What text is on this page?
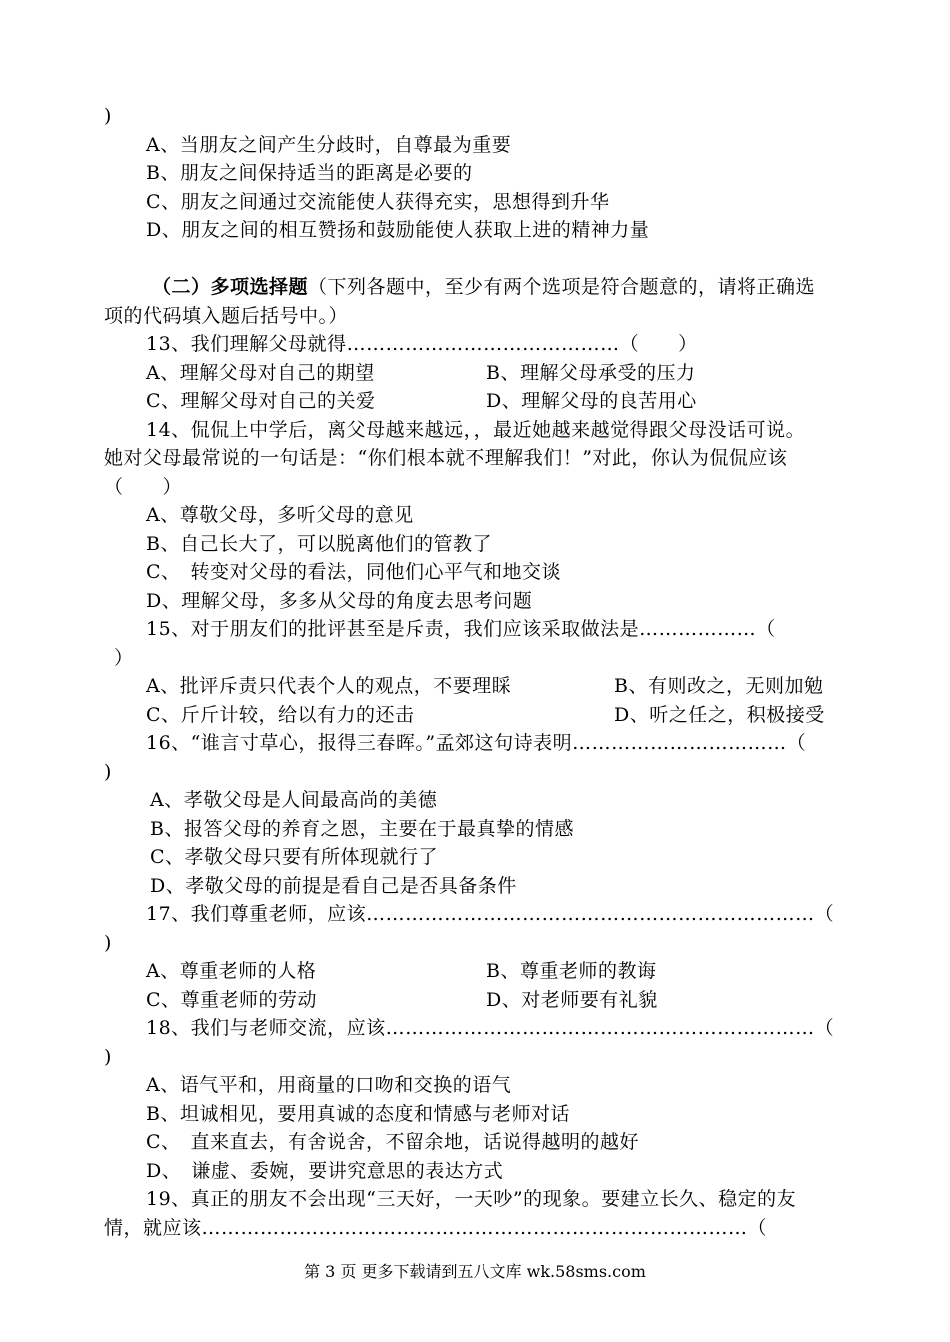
)
A、当朋友之间产生分歧时，自尊最为重要
B、朋友之间保持适当的距离是必要的
C、朋友之间通过交流能使人获得充实，思想得到升华
D、朋友之间的相互赞扬和鼓励能使人获取上进的精神力量
（二）多项选择题（下列各题中，至少有两个选项是符合题意的，请将正确选
项的代码填入题后括号中。）
13、我们理解父母就得……………………………………（　　）
A、理解父母对自己的期望	B、理解父母承受的压力
C、理解父母对自己的关爱	D、理解父母的良苦用心
14、侃侃上中学后，离父母越来越远，，最近她越来越觉得跟父母没话可说。
她对父母最常说的一句话是：“你们根本就不理解我们！”对此，你认为侃侃应该
（　　）
A、尊敬父母，多听父母的意见
B、自己长大了，可以脱离他们的管教了
C、　转变对父母的看法，同他们心平气和地交谈
D、理解父母，多多从父母的角度去思考问题
15、对于朋友们的批评甚至是斥责，我们应该采取做法是………………（
）
A、批评斥责只代表个人的观点，不要理睬	B、有则改之，无则加勉
C、斤斤计较，给以有力的还击	D、听之任之，积极接受
16、“谁言寸草心，报得三春晖。”孟郊这句诗表明……………………………（
)
A、孝敬父母是人间最高尚的美德
B、报答父母的养育之恩，主要在于最真挚的情感
C、孝敬父母只要有所体现就行了
D、孝敬父母的前提是看自己是否具备条件
17、我们尊重老师，应该……………………………………………………………（
)
A、尊重老师的人格	B、尊重老师的教诲
C、尊重老师的劳动	D、对老师要有礼貌
18、我们与老师交流，应该…………………………………………………………（
)
A、语气平和，用商量的口吻和交换的语气
B、坦诚相见，要用真诚的态度和情感与老师对话
C、　直来直去，有舍说舍，不留余地，话说得越明的越好
D、　谦虚、委婉，要讲究意思的表达方式
19、真正的朋友不会出现“三天好，一天吵”的现象。要建立长久、稳定的友
情，就应该…………………………………………………………………………（
第 3 页 更多下载请到五八文库 wk.58sms.com
